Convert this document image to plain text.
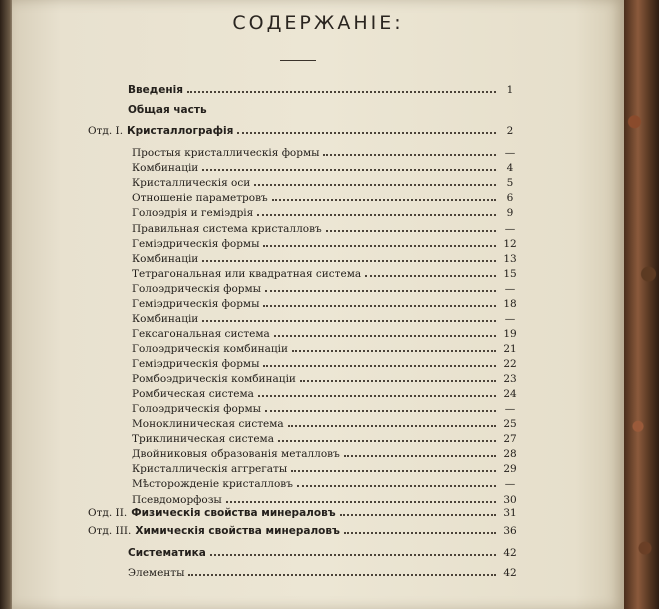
СОДЕРЖАНIЕ:
Введенiя	1
Общая часть
Отд. I. Кристаллографiя	2
Простыя кристаллическiя формы	—
Комбинацiи	4
Кристаллическiя оси	5
Отношенiе параметровъ	6
Голоэдрiя и гемiэдрiя	9
Правильная система кристалловъ	—
Гемiэдрическiя формы	12
Комбинацiи	13
Тетрагональная или квадратная система	15
Голоэдрическiя формы	—
Гемiэдрическiя формы	18
Комбинацiи	—
Гексагональная система	19
Голоэдрическiя комбинацiи	21
Гемiэдрическiя формы	22
Ромбоэдрическiя комбинацiи	23
Ромбическая система	24
Голоэдрическiя формы	—
Моноклиническая система	25
Триклиническая система	27
Двойниковыя образованiя металловъ	28
Кристаллическiя аггрегаты	29
Мѣсторожденiе кристалловъ	—
Псевдоморфозы	30
Отд. II. Физическiя свойства минераловъ	31
Отд. III. Химическiя свойства минераловъ	36
Систематика	42
Элементы	42
